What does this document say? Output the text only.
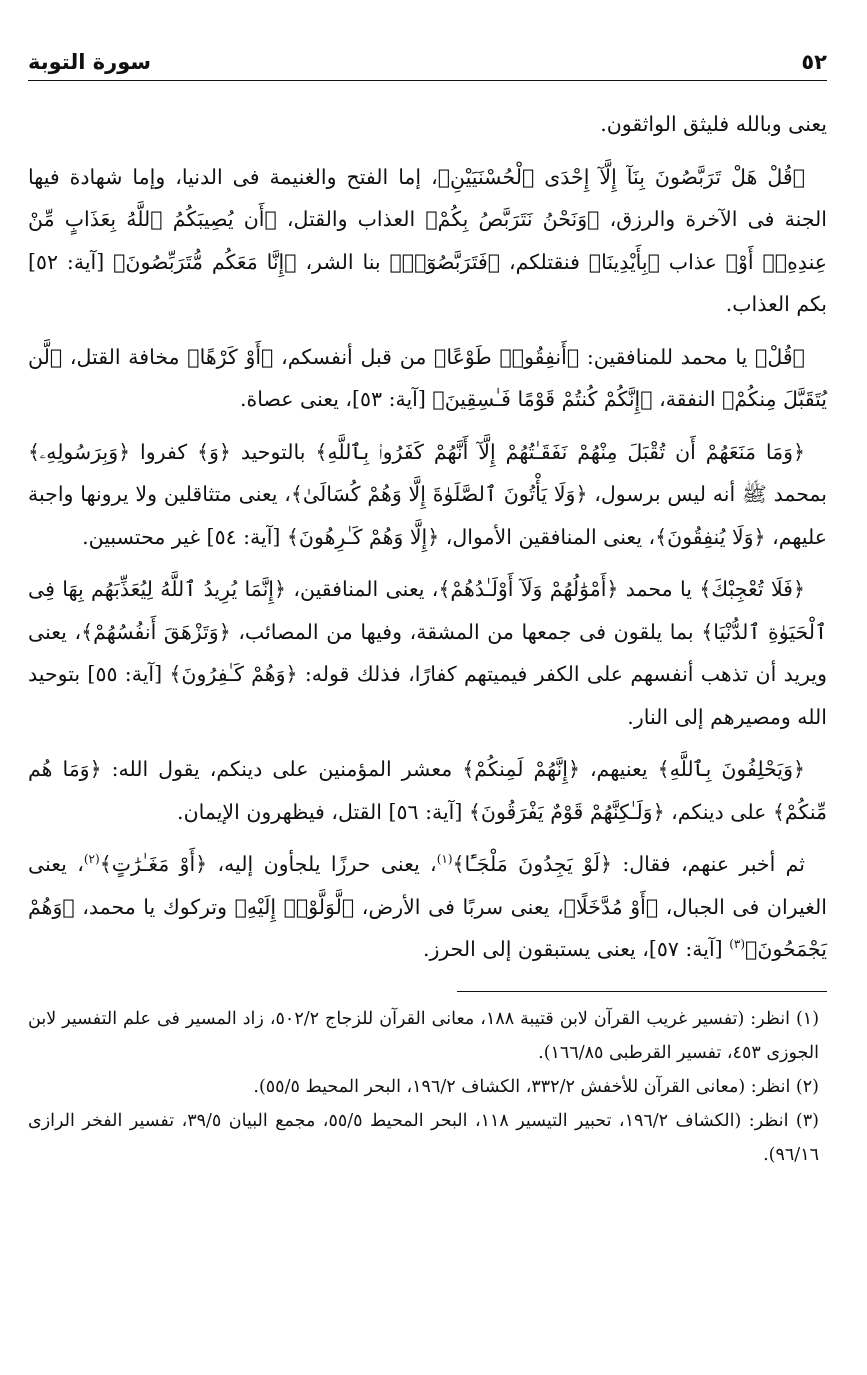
٥٢
سورة التوبة

يعنى وبالله فليثق الواثقون.

﴿قُلْ هَلْ تَرَبَّصُونَ بِنَآ إِلَّآ إِحْدَى ٱلْحُسْنَيَيْنِ﴾، إما الفتح والغنيمة فى الدنيا، وإما شهادة فيها الجنة فى الآخرة والرزق، ﴿وَنَحْنُ نَتَرَبَّصُ بِكُمْ﴾ العذاب والقتل، ﴿أَن يُصِيبَكُمُ ٱللَّهُ بِعَذَابٍ مِّنْ عِندِهِۦٓ أَوْ﴾ عذاب ﴿بِأَيْدِينَا﴾ فنقتلكم، ﴿فَتَرَبَّصُوٓا۟﴾ بنا الشر، ﴿إِنَّا مَعَكُم مُّتَرَبِّصُونَ﴾ [آية: ٥٢] بكم العذاب.

﴿قُلْ﴾ يا محمد للمنافقين: ﴿أَنفِقُوا۟ طَوْعًا﴾ من قبل أنفسكم، ﴿أَوْ كَرْهًا﴾ مخافة القتل، ﴿لَّن يُتَقَبَّلَ مِنكُمْ﴾ النفقة، ﴿إِنَّكُمْ كُنتُمْ قَوْمًا فَـٰسِقِينَ﴾ [آية: ٥٣]، يعنى عصاة.

﴿وَمَا مَنَعَهُمْ أَن تُقْبَلَ مِنْهُمْ نَفَقَـٰتُهُمْ إِلَّآ أَنَّهُمْ كَفَرُوا۟ بِٱللَّهِ﴾ بالتوحيد ﴿وَ﴾ كفروا ﴿وَبِرَسُولِهِۦ﴾ بمحمد ﷺ أنه ليس برسول، ﴿وَلَا يَأْتُونَ ٱلصَّلَوٰةَ إِلَّا وَهُمْ كُسَالَىٰ﴾، يعنى متثاقلين ولا يرونها واجبة عليهم، ﴿وَلَا يُنفِقُونَ﴾، يعنى المنافقين الأموال، ﴿إِلَّا وَهُمْ كَـٰرِهُونَ﴾ [آية: ٥٤] غير محتسبين.

﴿فَلَا تُعْجِبْكَ﴾ يا محمد ﴿أَمْوَٰلُهُمْ وَلَآ أَوْلَـٰدُهُمْ﴾، يعنى المنافقين، ﴿إِنَّمَا يُرِيدُ ٱللَّهُ لِيُعَذِّبَهُم بِهَا فِى ٱلْحَيَوٰةِ ٱلدُّنْيَا﴾ بما يلقون فى جمعها من المشقة، وفيها من المصائب، ﴿وَتَزْهَقَ أَنفُسُهُمْ﴾، يعنى ويريد أن تذهب أنفسهم على الكفر فيميتهم كفارًا، فذلك قوله: ﴿وَهُمْ كَـٰفِرُونَ﴾ [آية: ٥٥] بتوحيد الله ومصيرهم إلى النار.

﴿وَيَحْلِفُونَ بِٱللَّهِ﴾ يعنيهم، ﴿إِنَّهُمْ لَمِنكُمْ﴾ معشر المؤمنين على دينكم، يقول الله: ﴿وَمَا هُم مِّنكُمْ﴾ على دينكم، ﴿وَلَـٰكِنَّهُمْ قَوْمٌ يَفْرَقُونَ﴾ [آية: ٥٦] القتل، فيظهرون الإيمان.

ثم أخبر عنهم، فقال: ﴿لَوْ يَجِدُونَ مَلْجَـًٔا﴾$^{(١)}$، يعنى حرزًا يلجأون إليه، ﴿أَوْ مَغَـٰرَٰتٍ﴾$^{(٢)}$، يعنى الغيران فى الجبال، ﴿أَوْ مُدَّخَلًا﴾، يعنى سربًا فى الأرض، ﴿لَّوَلَّوْا۟ إِلَيْهِ﴾ وتركوك يا محمد، ﴿وَهُمْ يَجْمَحُونَ﴾$^{(٣)}$ [آية: ٥٧]، يعنى يستبقون إلى الحرز.

(١) انظر: (تفسير غريب القرآن لابن قتيبة ١٨٨، معانى القرآن للزجاج ٥٠٢/٢، زاد المسير فى علم التفسير لابن الجوزى ٤٥٣، تفسير القرطبى ١٦٦/٨٥).

(٢) انظر: (معانى القرآن للأخفش ٣٣٢/٢، الكشاف ١٩٦/٢، البحر المحيط ٥٥/٥).

(٣) انظر: (الكشاف ١٩٦/٢، تحبير التيسير ١١٨، البحر المحيط ٥٥/٥، مجمع البيان ٣٩/٥، تفسير الفخر الرازى ٩٦/١٦).
